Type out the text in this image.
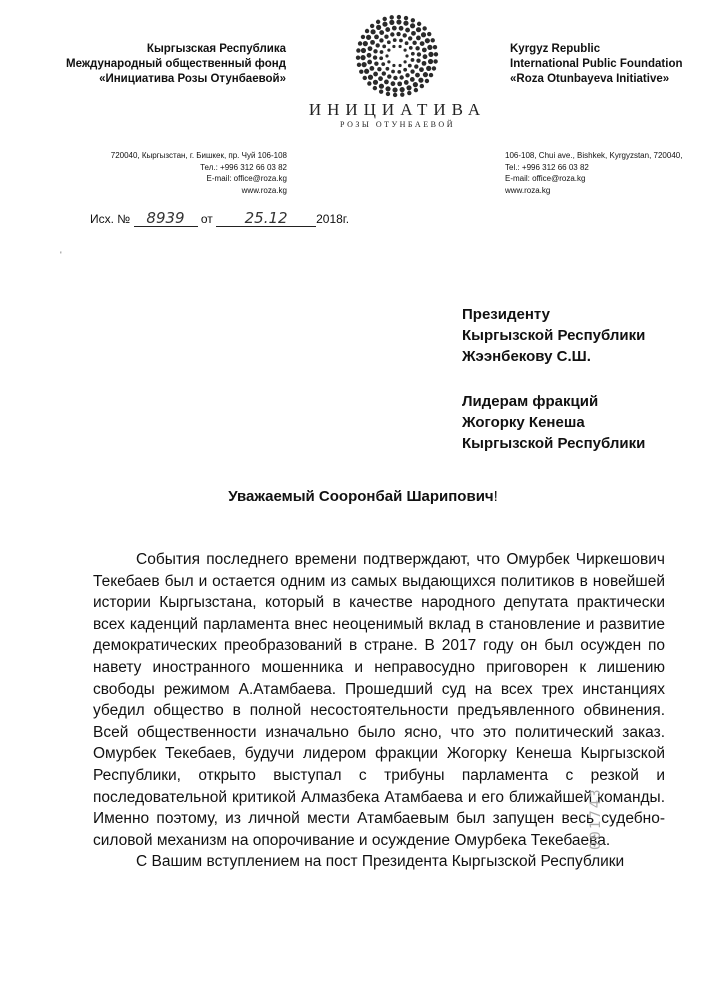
Кыргызская Республика
Международный общественный фонд
«Инициатива Розы Отунбаевой»
Kyrgyz Republic
International Public Foundation
«Roza Otunbayeva Initiative»
ИНИЦИАТИВА
РОЗЫ ОТУНБАЕВОЙ
720040, Кыргызстан, г. Бишкек, пр. Чуй 106-108
Тел.: +996 312 66 03 82
E-mail: office@roza.kg
www.roza.kg
106-108, Chui ave., Bishkek, Kyrgyzstan, 720040,
Tel.: +996 312 66 03 82
E-mail: office@roza.kg
www.roza.kg
Исх. № 8939 от 25.12 2018г.
'
Президенту
Кыргызской Республики
Жээнбекову С.Ш.
Лидерам фракций
Жогорку Кенеша
Кыргызской Республики
Уважаемый Сооронбай Шарипович!

События последнего времени подтверждают, что Омурбек Чиркешович Текебаев был и остается одним из самых выдающихся политиков в новейшей истории Кыргызстана, который в качестве народного депутата практически всех каденций парламента внес неоценимый вклад в становление и развитие демократических преобразований в стране. В 2017 году он был осужден по навету иностранного мошенника и неправосудно приговорен к лишению свободы режимом А.Атамбаева. Прошедший суд на всех трех инстанциях убедил общество в полной несостоятельности предъявленного обвинения. Всей общественности изначально было ясно, что это политический заказ. Омурбек Текебаев, будучи лидером фракции Жогорку Кенеша Кыргызской Республики, открыто выступал с трибуны парламента с резкой и последовательной критикой Алмазбека Атамбаева и его ближайшей команды. Именно поэтому, из личной мести Атамбаевым был запущен весь судебно-силовой механизм на опорочивание и осуждение Омурбека Текебаева.

С Вашим вступлением на пост Президента Кыргызской Республики

001743
